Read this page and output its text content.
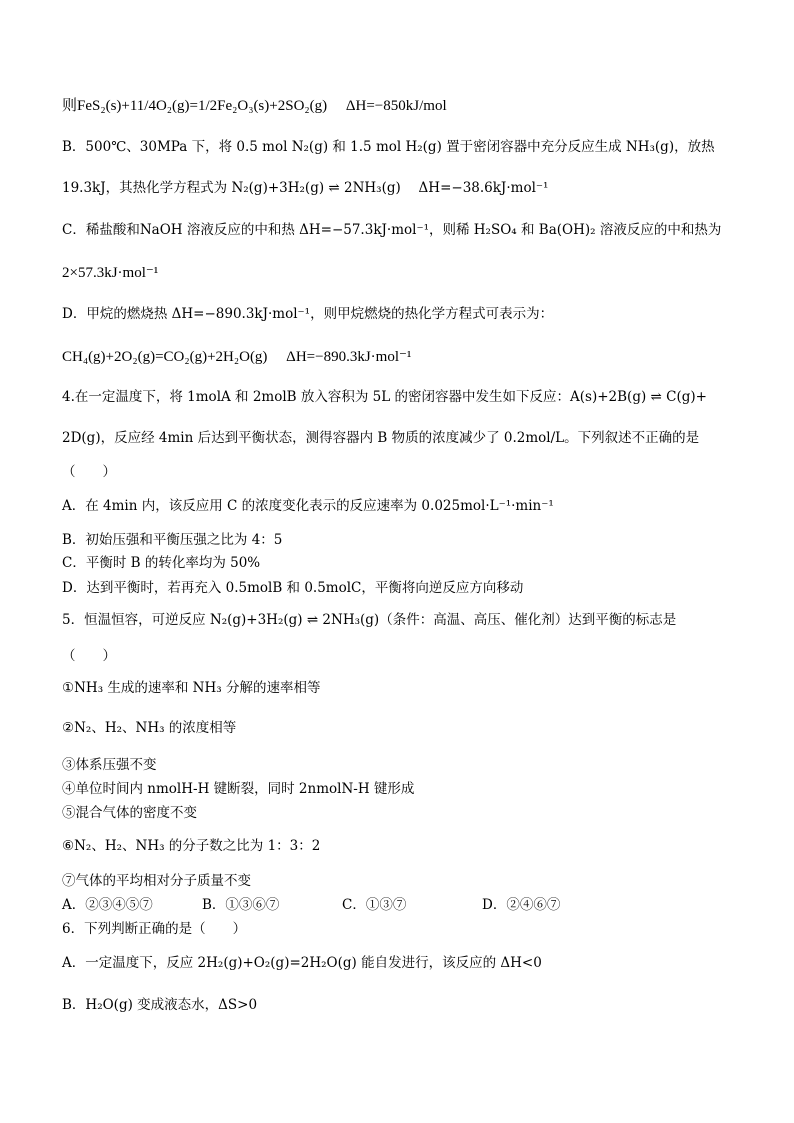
则FeS₂(s)+11/4O₂(g)=1/2Fe₂O₃(s)+2SO₂(g)　 ΔH=−850kJ/mol
B．500℃、30MPa 下，将 0.5 mol N₂(g) 和 1.5 mol H₂(g) 置于密闭容器中充分反应生成 NH₃(g)，放热
19.3kJ，其热化学方程式为 N₂(g)+3H₂(g) ⇌ 2NH₃(g)　 ΔH=−38.6kJ·mol⁻¹
C．稀盐酸和NaOH 溶液反应的中和热 ΔH=−57.3kJ·mol⁻¹，则稀 H₂SO₄ 和 Ba(OH)₂ 溶液反应的中和热为
2×57.3kJ·mol⁻¹
D．甲烷的燃烧热 ΔH=−890.3kJ·mol⁻¹，则甲烷燃烧的热化学方程式可表示为：
CH₄(g)+2O₂(g)=CO₂(g)+2H₂O(g)　 ΔH=−890.3kJ·mol⁻¹
4.在一定温度下，将 1molA 和 2molB 放入容积为 5L 的密闭容器中发生如下反应：A(s)+2B(g) ⇌ C(g)+
2D(g)，反应经 4min 后达到平衡状态，测得容器内 B 物质的浓度减少了 0.2mol/L。下列叙述不正确的是
（　　）
A．在 4min 内，该反应用 C 的浓度变化表示的反应速率为 0.025mol·L⁻¹·min⁻¹
B．初始压强和平衡压强之比为 4：5
C．平衡时 B 的转化率均为 50%
D．达到平衡时，若再充入 0.5molB 和 0.5molC，平衡将向逆反应方向移动
5．恒温恒容，可逆反应 N₂(g)+3H₂(g) ⇌ 2NH₃(g)（条件：高温、高压、催化剂）达到平衡的标志是
（　　）
①NH₃ 生成的速率和 NH₃ 分解的速率相等
②N₂、H₂、NH₃ 的浓度相等
③体系压强不变
④单位时间内 nmolH-H 键断裂，同时 2nmolN-H 键形成
⑤混合气体的密度不变
⑥N₂、H₂、NH₃ 的分子数之比为 1：3：2
⑦气体的平均相对分子质量不变
A．②③④⑤⑦	B．①③⑥⑦	C．①③⑦	D．②④⑥⑦
6．下列判断正确的是（　　）
A．一定温度下，反应 2H₂(g)+O₂(g)=2H₂O(g) 能自发进行，该反应的 ΔH<0
B．H₂O(g) 变成液态水，ΔS>0
